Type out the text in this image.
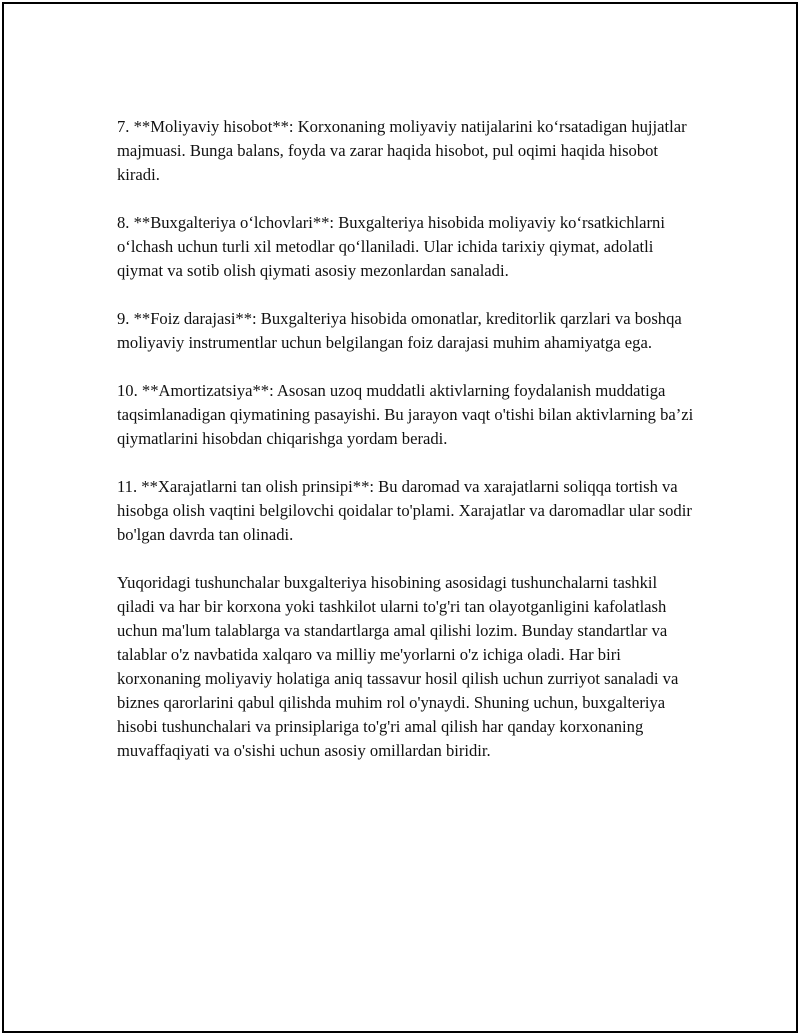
7. **Moliyaviy hisobot**: Korxonaning moliyaviy natijalarini ko‘rsatadigan hujjatlar majmuasi. Bunga balans, foyda va zarar haqida hisobot, pul oqimi haqida hisobot kiradi.

8. **Buxgalteriya o‘lchovlari**: Buxgalteriya hisobida moliyaviy ko‘rsatkichlarni o‘lchash uchun turli xil metodlar qo‘llaniladi. Ular ichida tarixiy qiymat, adolatli qiymat va sotib olish qiymati asosiy mezonlardan sanaladi.

9. **Foiz darajasi**: Buxgalteriya hisobida omonatlar, kreditorlik qarzlari va boshqa moliyaviy instrumentlar uchun belgilangan foiz darajasi muhim ahamiyatga ega.

10. **Amortizatsiya**: Asosan uzoq muddatli aktivlarning foydalanish muddatiga taqsimlanadigan qiymatining pasayishi. Bu jarayon vaqt o'tishi bilan aktivlarning ba’zi qiymatlarini hisobdan chiqarishga yordam beradi.

11. **Xarajatlarni tan olish prinsipi**: Bu daromad va xarajatlarni soliqqa tortish va hisobga olish vaqtini belgilovchi qoidalar to'plami. Xarajatlar va daromadlar ular sodir bo'lgan davrda tan olinadi.

Yuqoridagi tushunchalar buxgalteriya hisobining asosidagi tushunchalarni tashkil qiladi va har bir korxona yoki tashkilot ularni to'g'ri tan olayotganligini kafolatlash uchun ma'lum talablarga va standartlarga amal qilishi lozim. Bunday standartlar va talablar o'z navbatida xalqaro va milliy me'yorlarni o'z ichiga oladi. Har biri korxonaning moliyaviy holatiga aniq tassavur hosil qilish uchun zurriyot sanaladi va biznes qarorlarini qabul qilishda muhim rol o'ynaydi. Shuning uchun, buxgalteriya hisobi tushunchalari va prinsiplariga to'g'ri amal qilish har qanday korxonaning muvaffaqiyati va o'sishi uchun asosiy omillardan biridir.
